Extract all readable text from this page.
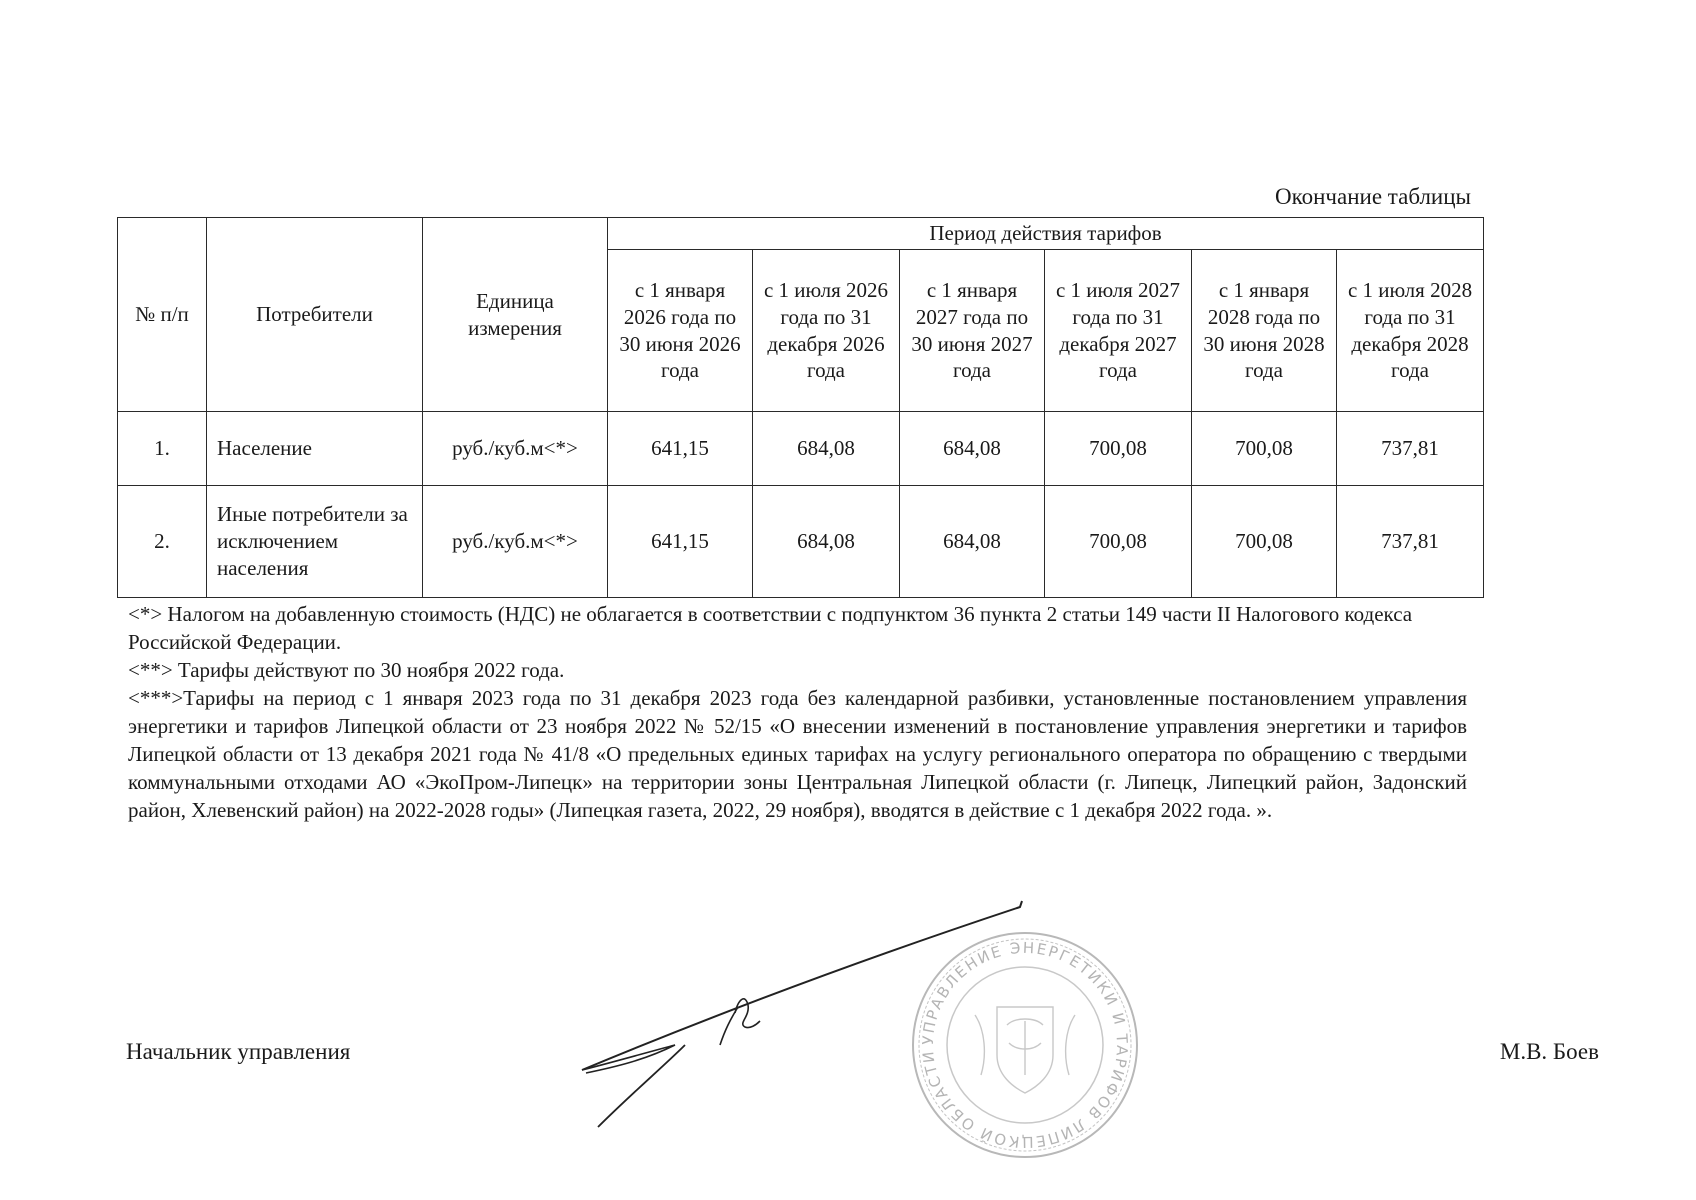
Окончание таблицы
№ п/п	Потребители	Единица измерения	Период действия тарифов					
			с 1 января 2026 года по 30 июня 2026 года	с 1 июля 2026 года по 31 декабря 2026 года	с 1 января 2027 года по 30 июня 2027 года	с 1 июля 2027 года по 31 декабря 2027 года	с 1 января 2028 года по 30 июня 2028 года	с 1 июля 2028 года по 31 декабря 2028 года
1.	Население	руб./куб.м<*>	641,15	684,08	684,08	700,08	700,08	737,81
2.	Иные потребители за исключением населения	руб./куб.м<*>	641,15	684,08	684,08	700,08	700,08	737,81

<*> Налогом на добавленную стоимость (НДС) не облагается в соответствии с подпунктом 36 пункта 2 статьи 149 части II Налогового кодекса Российской Федерации.

<**> Тарифы действуют по 30 ноября 2022 года.

<***>Тарифы на период с 1 января 2023 года по 31 декабря 2023 года без календарной разбивки, установленные постановлением управления энергетики и тарифов Липецкой области от 23 ноября 2022 № 52/15 «О внесении изменений в постановление управления энергетики и тарифов Липецкой области от 13 декабря 2021 года № 41/8 «О предельных единых тарифах на услугу регионального оператора по обращению с твердыми коммунальными отходами АО «ЭкоПром-Липецк» на территории зоны Центральная Липецкой области (г. Липецк, Липецкий район, Задонский район, Хлевенский район) на 2022-2028 годы» (Липецкая газета, 2022, 29 ноября), вводятся в действие с 1 декабря 2022 года. ».

Начальник управления	УПРАВЛЕНИЕ ЭНЕРГЕТИКИ И ТАРИФОВ ЛИПЕЦКОЙ ОБЛАСТИ	М.В. Боев
